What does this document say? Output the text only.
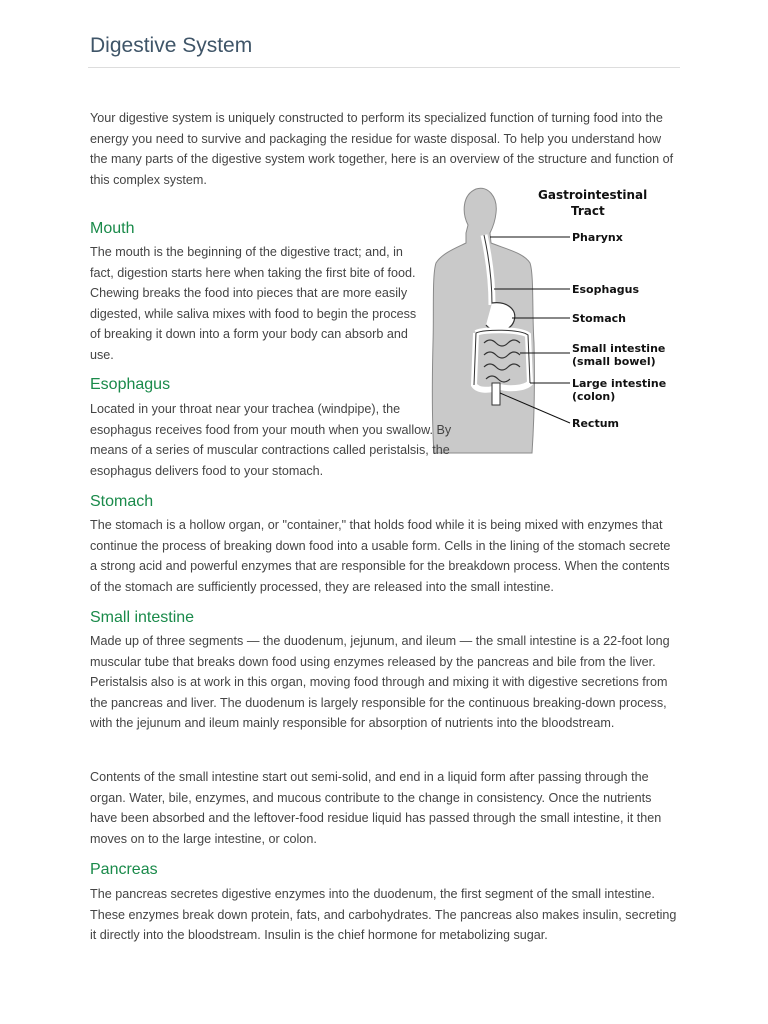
Digestive System

Your digestive system is uniquely constructed to perform its specialized function of turning food into the energy you need to survive and packaging the residue for waste disposal. To help you understand how the many parts of the digestive system work together, here is an overview of the structure and function of this complex system.

Gastrointestinal
Tract
Pharynx
Esophagus
Stomach
Small intestine
(small bowel)
Large intestine
(colon)
Rectum
Mouth

The mouth is the beginning of the digestive tract; and, in fact, digestion starts here when taking the first bite of food. Chewing breaks the food into pieces that are more easily digested, while saliva mixes with food to begin the process of breaking it down into a form your body can absorb and use.

Esophagus

Located in your throat near your trachea (windpipe), the esophagus receives food from your mouth when you swallow. By means of a series of muscular contractions called peristalsis, the esophagus delivers food to your stomach.

Stomach

The stomach is a hollow organ, or "container," that holds food while it is being mixed with enzymes that continue the process of breaking down food into a usable form. Cells in the lining of the stomach secrete a strong acid and powerful enzymes that are responsible for the breakdown process. When the contents of the stomach are sufficiently processed, they are released into the small intestine.

Small intestine

Made up of three segments — the duodenum, jejunum, and ileum — the small intestine is a 22-foot long muscular tube that breaks down food using enzymes released by the pancreas and bile from the liver. Peristalsis also is at work in this organ, moving food through and mixing it with digestive secretions from the pancreas and liver. The duodenum is largely responsible for the continuous breaking-down process, with the jejunum and ileum mainly responsible for absorption of nutrients into the bloodstream.

Contents of the small intestine start out semi-solid, and end in a liquid form after passing through the organ. Water, bile, enzymes, and mucous contribute to the change in consistency. Once the nutrients have been absorbed and the leftover-food residue liquid has passed through the small intestine, it then moves on to the large intestine, or colon.

Pancreas

The pancreas secretes digestive enzymes into the duodenum, the first segment of the small intestine. These enzymes break down protein, fats, and carbohydrates. The pancreas also makes insulin, secreting it directly into the bloodstream. Insulin is the chief hormone for metabolizing sugar.
